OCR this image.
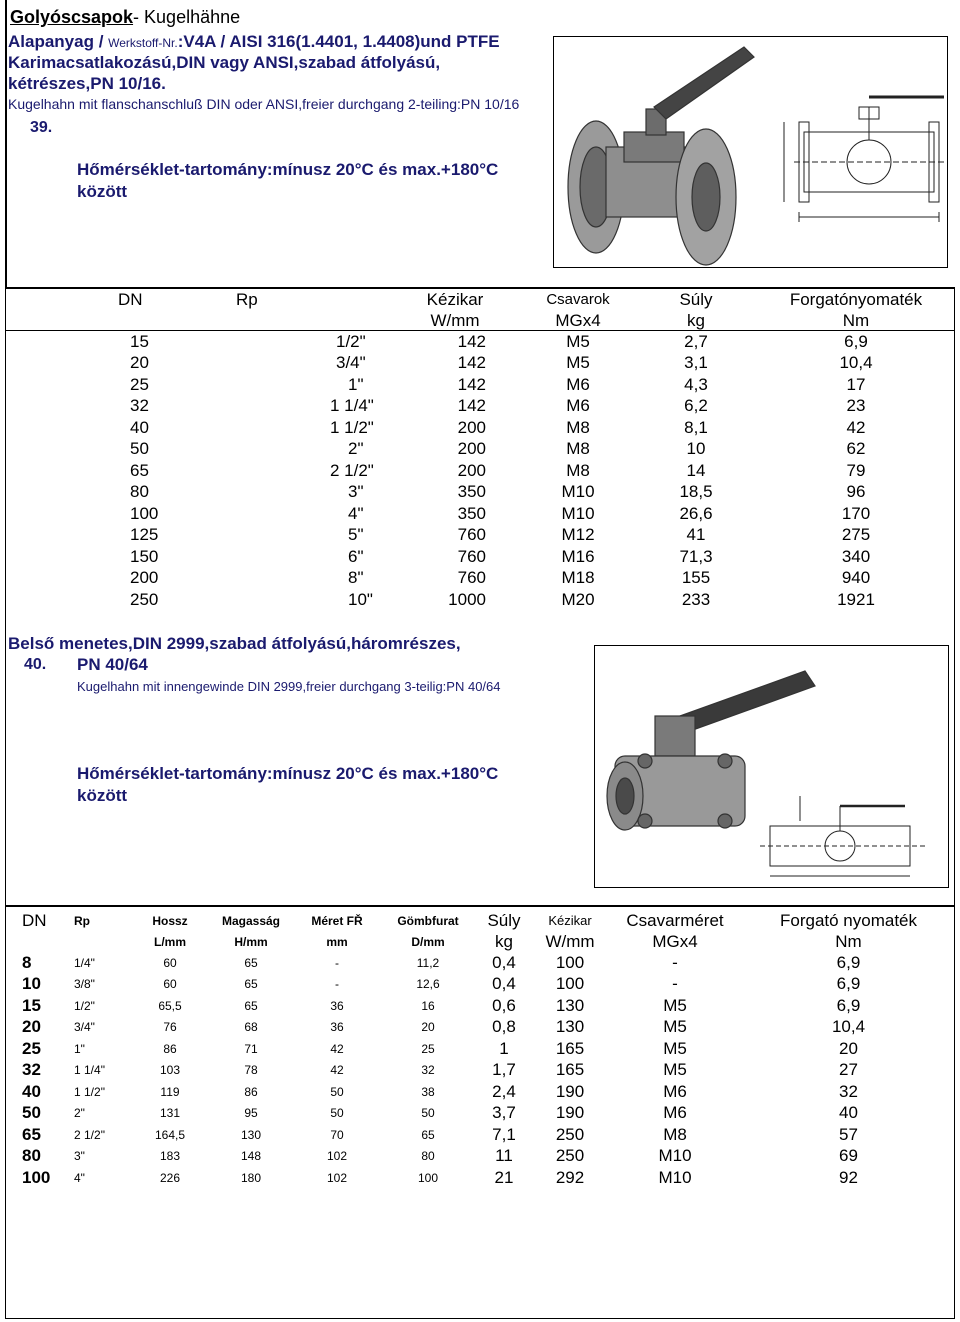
Golyóscsapok- Kugelhähne
Alapanyag / Werkstoff-Nr.:V4A / AISI 316(1.4401, 1.4408)und PTFE
Karimacsatlakozású,DIN vagy ANSI,szabad átfolyású,
kétrészes,PN 10/16.
Kugelhahn mit flanschanschluß DIN oder ANSI,freier durchgang 2-teiling:PN 10/16
39.
Hőmérséklet-tartomány:mínusz 20°C és max.+180°C
között
DN	Rp	Kézikar	Csavarok	Súly	Forgatónyomaték
		W/mm	MGx4	kg	Nm
15	1/2"	142	M5	2,7	6,9
20	3/4"	142	M5	3,1	10,4
25	1"	142	M6	4,3	17
32	1 1/4"	142	M6	6,2	23
40	1 1/2"	200	M8	8,1	42
50	2"	200	M8	10	62
65	2 1/2"	200	M8	14	79
80	3"	350	M10	18,5	96
100	4"	350	M10	26,6	170
125	5"	760	M12	41	275
150	6"	760	M16	71,3	340
200	8"	760	M18	155	940
250	10"	1000	M20	233	1921
Belső menetes,DIN 2999,szabad átfolyású,háromrészes,
40. PN 40/64
Kugelhahn mit innengewinde DIN 2999,freier durchgang 3-teilig:PN 40/64
Hőmérséklet-tartomány:mínusz 20°C és max.+180°C
között
DN	Rp	Hossz	Magasság	Méret FŘ	Gömbfurat	Súly	Kézikar	Csavarméret	Forgató nyomaték
		L/mm	H/mm	mm	D/mm	kg	W/mm	MGx4	Nm
8	1/4"	60	65	-	11,2	0,4	100	-	6,9
10	3/8"	60	65	-	12,6	0,4	100	-	6,9
15	1/2"	65,5	65	36	16	0,6	130	M5	6,9
20	3/4"	76	68	36	20	0,8	130	M5	10,4
25	1"	86	71	42	25	1	165	M5	20
32	1 1/4"	103	78	42	32	1,7	165	M5	27
40	1 1/2"	119	86	50	38	2,4	190	M6	32
50	2"	131	95	50	50	3,7	190	M6	40
65	2 1/2"	164,5	130	70	65	7,1	250	M8	57
80	3"	183	148	102	80	11	250	M10	69
100	4"	226	180	102	100	21	292	M10	92
